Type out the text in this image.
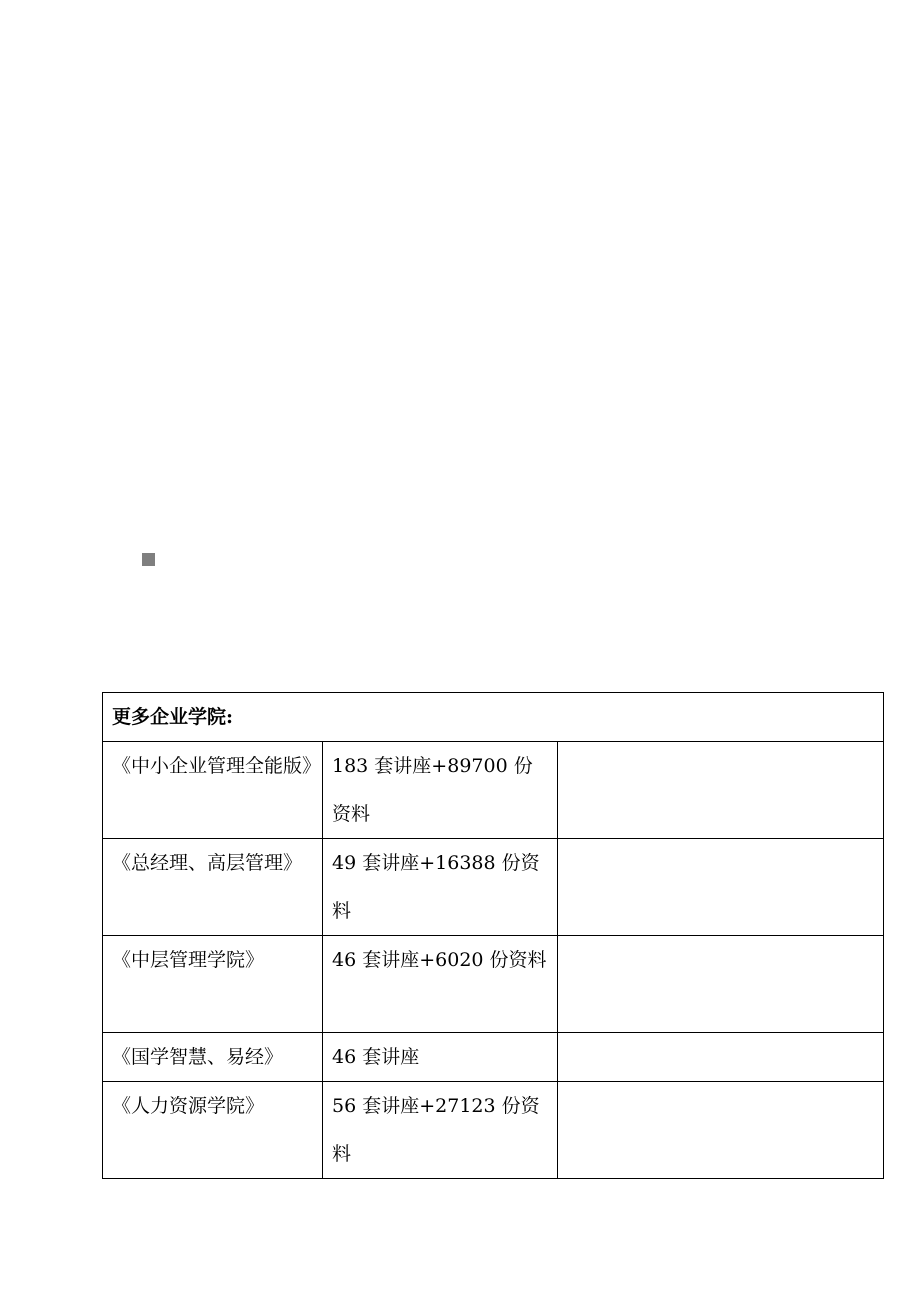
更多企业学院:		
《中小企业管理全能版》	183 套讲座+89700 份资料	
《总经理、高层管理》	49 套讲座+16388 份资料	
《中层管理学院》	46 套讲座+6020 份资料	
《国学智慧、易经》	46 套讲座	
《人力资源学院》	56 套讲座+27123 份资料	
